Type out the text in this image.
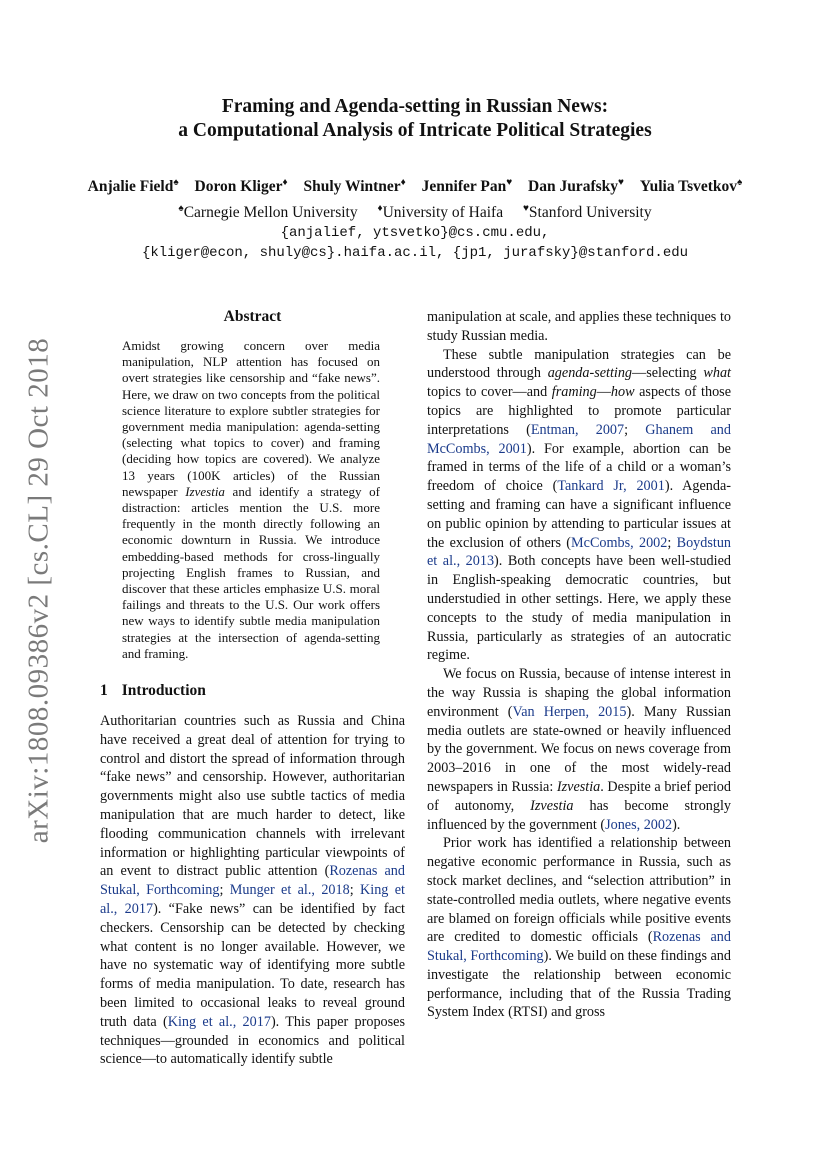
arXiv:1808.09386v2 [cs.CL] 29 Oct 2018

Framing and Agenda-setting in Russian News:

a Computational Analysis of Intricate Political Strategies

Anjalie Field♠ Doron Kliger♦ Shuly Wintner♦ Jennifer Pan♥ Dan Jurafsky♥ Yulia Tsvetkov♠
♠Carnegie Mellon University ♦University of Haifa ♥Stanford University
{anjalief, ytsvetko}@cs.cmu.edu,
{kliger@econ, shuly@cs}.haifa.ac.il, {jp1, jurafsky}@stanford.edu

Abstract

Amidst growing concern over media manipulation, NLP attention has focused on overt strategies like censorship and “fake news”. Here, we draw on two concepts from the political science literature to explore subtler strategies for government media manipulation: agenda-setting (selecting what topics to cover) and framing (deciding how topics are covered). We analyze 13 years (100K articles) of the Russian newspaper Izvestia and identify a strategy of distraction: articles mention the U.S. more frequently in the month directly following an economic downturn in Russia. We introduce embedding-based methods for cross-lingually projecting English frames to Russian, and discover that these articles emphasize U.S. moral failings and threats to the U.S. Our work offers new ways to identify subtle media manipulation strategies at the intersection of agenda-setting and framing.

1 Introduction

Authoritarian countries such as Russia and China have received a great deal of attention for trying to control and distort the spread of information through “fake news” and censorship. However, authoritarian governments might also use subtle tactics of media manipulation that are much harder to detect, like flooding communication channels with irrelevant information or highlighting particular viewpoints of an event to distract public attention (Rozenas and Stukal, Forthcoming; Munger et al., 2018; King et al., 2017). “Fake news” can be identified by fact checkers. Censorship can be detected by checking what content is no longer available. However, we have no systematic way of identifying more subtle forms of media manipulation. To date, research has been limited to occasional leaks to reveal ground truth data (King et al., 2017). This paper proposes techniques—grounded in economics and political science—to automatically identify subtle

manipulation at scale, and applies these techniques to study Russian media.

These subtle manipulation strategies can be understood through agenda-setting—selecting what topics to cover—and framing—how aspects of those topics are highlighted to promote particular interpretations (Entman, 2007; Ghanem and McCombs, 2001). For example, abortion can be framed in terms of the life of a child or a woman’s freedom of choice (Tankard Jr, 2001). Agenda-setting and framing can have a significant influence on public opinion by attending to particular issues at the exclusion of others (McCombs, 2002; Boydstun et al., 2013). Both concepts have been well-studied in English-speaking democratic countries, but understudied in other settings. Here, we apply these concepts to the study of media manipulation in Russia, particularly as strategies of an autocratic regime.

We focus on Russia, because of intense interest in the way Russia is shaping the global information environment (Van Herpen, 2015). Many Russian media outlets are state-owned or heavily influenced by the government. We focus on news coverage from 2003–2016 in one of the most widely-read newspapers in Russia: Izvestia. Despite a brief period of autonomy, Izvestia has become strongly influenced by the government (Jones, 2002).

Prior work has identified a relationship between negative economic performance in Russia, such as stock market declines, and “selection attribution” in state-controlled media outlets, where negative events are blamed on foreign officials while positive events are credited to domestic officials (Rozenas and Stukal, Forthcoming). We build on these findings and investigate the relationship between economic performance, including that of the Russia Trading System Index (RTSI) and gross
